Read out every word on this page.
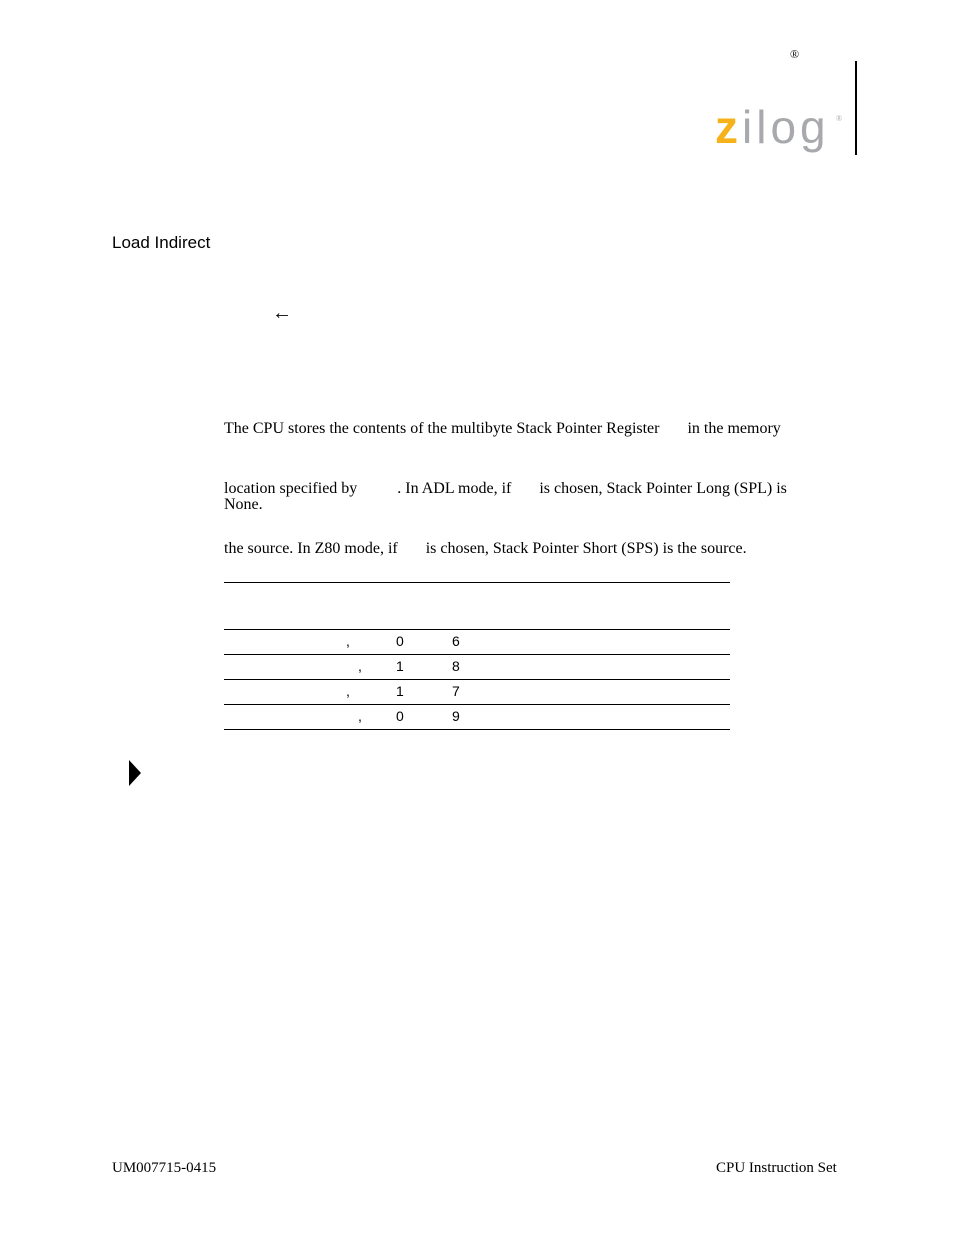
®
zilog ®
Load Indirect
←

The CPU stores the contents of the multibyte Stack Pointer Register       in the memory

location specified by          . In ADL mode, if       is chosen, Stack Pointer Long (SPL) is

the source. In Z80 mode, if       is chosen, Stack Pointer Short (SPS) is the source.

None.
,	0	6
, 1	8
,	1	7
, 0	9
UM007715-0415	CPU Instruction Set
